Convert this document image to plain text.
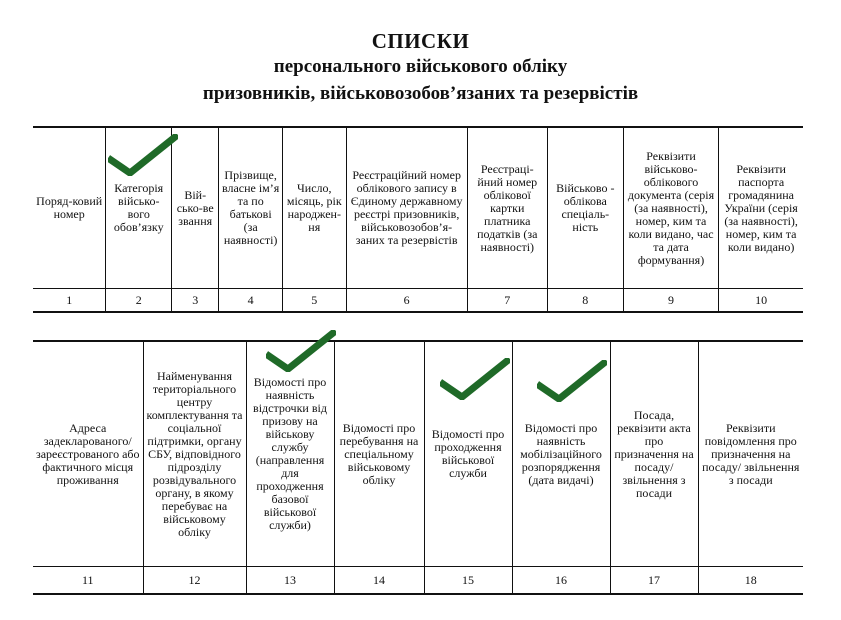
СПИСКИ
персонального військового обліку
призовників, військовозобов’язаних та резервістів
Поряд-ковий номер	Категорія військо-вого обов’язку	Вій-сько-ве звання	Прізвище, власне ім’я та по батькові (за наявності)	Число, місяць, рік народжен-ня	Реєстраційний номер облікового запису в Єдиному державному реєстрі призовників, військовозобов’я-заних та резервістів	Реєстраці-йний номер облікової картки платника податків (за наявності)	Військово - облікова спеціаль-ність	Реквізити військово-облікового документа (серія (за наявності), номер, ким та коли видано, час та дата формування)	Реквізити паспорта громадянина України (серія (за наявності), номер, ким та коли видано)
1	2	3	4	5	6	7	8	9	10
Адреса задекларованого/ зареєстрованого або фактичного місця проживання	Найменування територіального центру комплектування та соціальної підтримки, органу СБУ, відповідного підрозділу розвідувального органу, в якому перебуває на військовому обліку	Відомості про наявність відстрочки від призову на військову службу (направлення для проходження базової військової служби)	Відомості про перебування на спеціальному військовому обліку	Відомості про проходження військової служби	Відомості про наявність мобілізаційного розпорядження (дата видачі)	Посада, реквізити акта про призначення на посаду/ звільнення з посади	Реквізити повідомлення про призначення на посаду/ звільнення з посади
11	12	13	14	15	16	17	18
